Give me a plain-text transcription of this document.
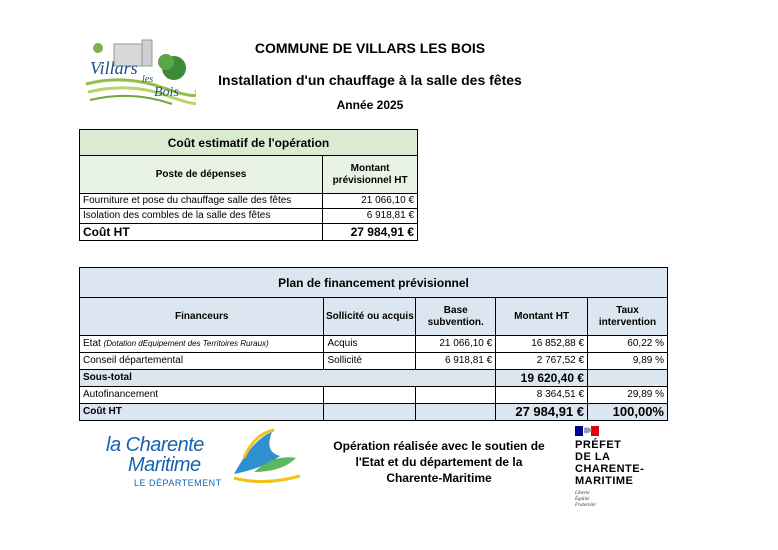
Villars
les
Bois
COMMUNE DE VILLARS LES BOIS
Installation d'un chauffage à la salle des fêtes
Année 2025
Coût estimatif de l'opération	
Poste de dépenses	Montant prévisionnel HT
Fourniture et pose du chauffage salle des fêtes	21 066,10 €
Isolation des combles de la salle des fêtes	6 918,81 €
Coût HT	27 984,91 €
Plan de financement prévisionnel				
Financeurs	Sollicité ou acquis	Base subvention.	Montant HT	Taux intervention
Etat (Dotation dEquipement des Territoires Ruraux)	Acquis	21 066,10 €	16 852,88 €	60,22 %
Conseil départemental	Sollicité	6 918,81 €	2 767,52 €	9,89 %
Sous-total			19 620,40 €	
Autofinancement			8 364,51 €	29,89 %
Coût HT			27 984,91 €	100,00%
la Charente
Maritime
LE DÉPARTEMENT
Opération réalisée avec le soutien de l'Etat et du département de la Charente-Maritime
PRÉFET
DE LA
CHARENTE-
MARITIME
Liberté
Égalité
Fraternité
